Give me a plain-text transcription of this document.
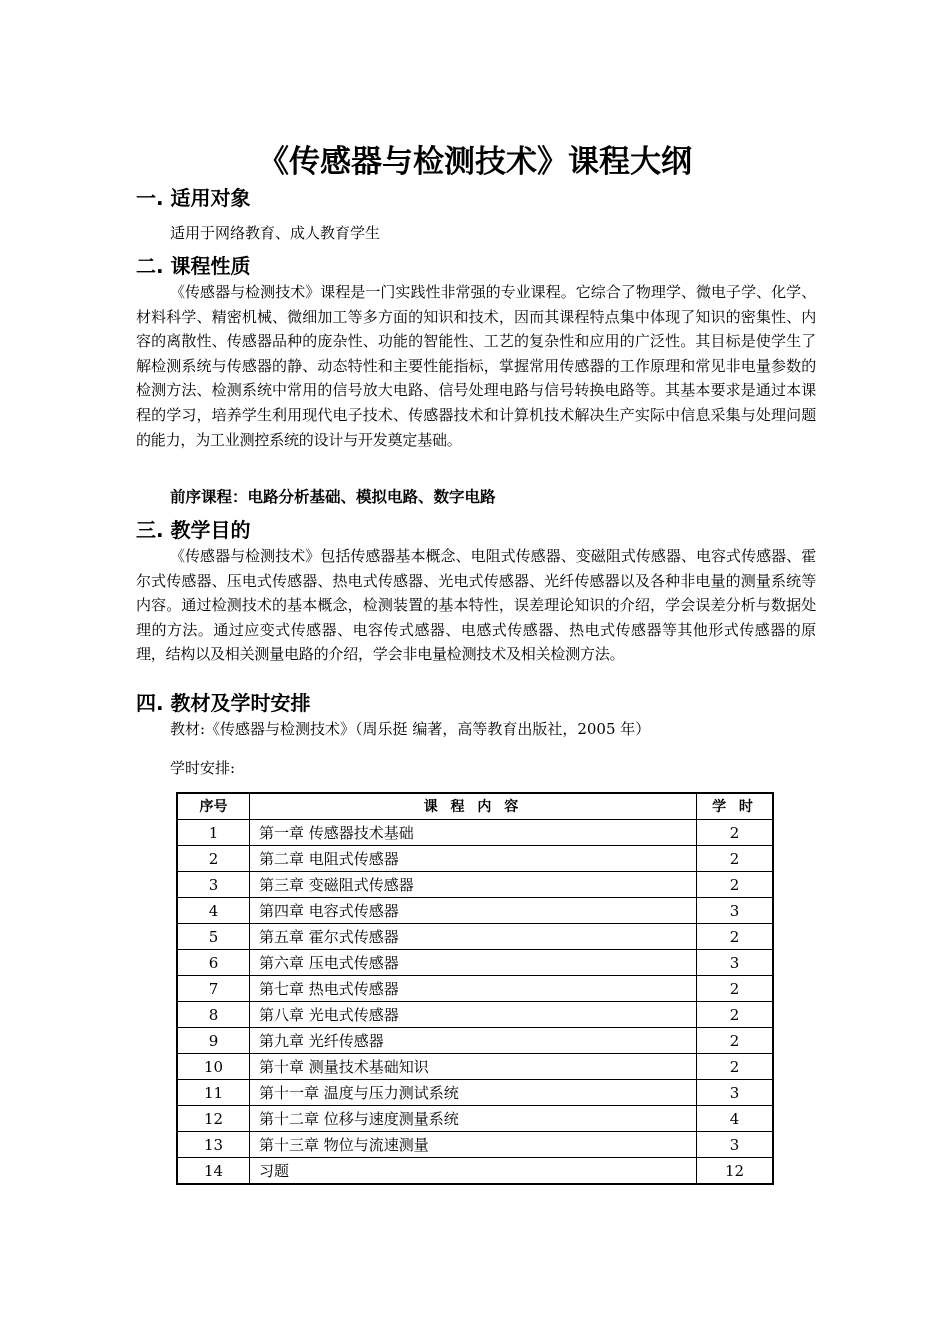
《传感器与检测技术》课程大纲
一. 适用对象
适用于网络教育、成人教育学生
二. 课程性质
《传感器与检测技术》课程是一门实践性非常强的专业课程。它综合了物理学、微电子学、化学、材料科学、精密机械、微细加工等多方面的知识和技术，因而其课程特点集中体现了知识的密集性、内容的离散性、传感器品种的庞杂性、功能的智能性、工艺的复杂性和应用的广泛性。其目标是使学生了解检测系统与传感器的静、动态特性和主要性能指标，掌握常用传感器的工作原理和常见非电量参数的检测方法、检测系统中常用的信号放大电路、信号处理电路与信号转换电路等。其基本要求是通过本课程的学习，培养学生利用现代电子技术、传感器技术和计算机技术解决生产实际中信息采集与处理问题的能力，为工业测控系统的设计与开发奠定基础。
前序课程：电路分析基础、模拟电路、数字电路
三. 教学目的
《传感器与检测技术》包括传感器基本概念、电阻式传感器、变磁阻式传感器、电容式传感器、霍尔式传感器、压电式传感器、热电式传感器、光电式传感器、光纤传感器以及各种非电量的测量系统等内容。通过检测技术的基本概念，检测装置的基本特性，误差理论知识的介绍，学会误差分析与数据处理的方法。通过应变式传感器、电容传式感器、电感式传感器、热电式传感器等其他形式传感器的原理，结构以及相关测量电路的介绍，学会非电量检测技术及相关检测方法。
四. 教材及学时安排
教材:《传感器与检测技术》（周乐挺 编著，高等教育出版社，2005 年）
学时安排:
序号	课 程 内 容	学 时
1	第一章 传感器技术基础	2
2	第二章 电阻式传感器	2
3	第三章 变磁阻式传感器	2
4	第四章 电容式传感器	3
5	第五章 霍尔式传感器	2
6	第六章 压电式传感器	3
7	第七章 热电式传感器	2
8	第八章 光电式传感器	2
9	第九章 光纤传感器	2
10	第十章 测量技术基础知识	2
11	第十一章 温度与压力测试系统	3
12	第十二章 位移与速度测量系统	4
13	第十三章 物位与流速测量	3
14	习题	12
